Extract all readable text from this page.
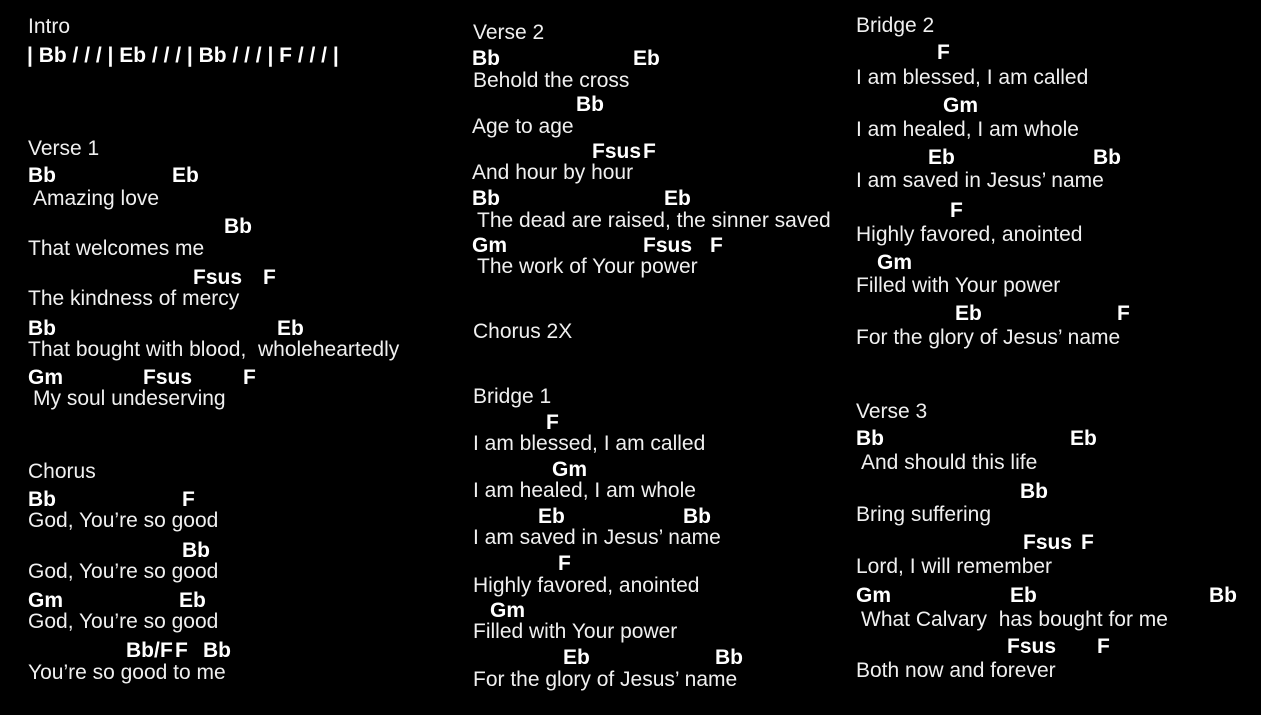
Intro
| Bb / / / | Eb / / / | Bb / / / | F / / / |
Verse 1
Bb	Eb
Amazing love
Bb
That welcomes me
Fsus F
The kindness of mercy
Bb	Eb
That bought with blood,  wholeheartedly
Gm	Fsus F
My soul undeserving
Chorus
Bb	F
God, You’re so good
Bb
God, You’re so good
Gm	Eb
God, You’re so good
Bb/ F F Bb
You’re so good to me
Verse 2
Bb	Eb
Behold the cross
Bb
Age to age
Fsus F
And hour by hour
Bb	Eb
The dead are raised, the sinner saved
Gm	Fsus F
The work of Your power
Chorus 2X
Bridge 1
F
I am blessed, I am called
Gm
I am healed, I am whole
Eb	Bb
I am saved in Jesus’ name
F
Highly favored, anointed
Gm
Filled with Your power
Eb	Bb
For the glory of Jesus’ name
Bridge 2
F
I am blessed, I am called
Gm
I am healed, I am whole
Eb	Bb
I am saved in Jesus’ name
F
Highly favored, anointed
Gm
Filled with Your power
Eb	F
For the glory of Jesus’ name
Verse 3
Bb	Eb
And should this life
Bb
Bring suffering
Fsus F
Lord, I will remember
Gm	Eb	Bb
What Calvary  has bought for me
Fsus F
Both now and forever
